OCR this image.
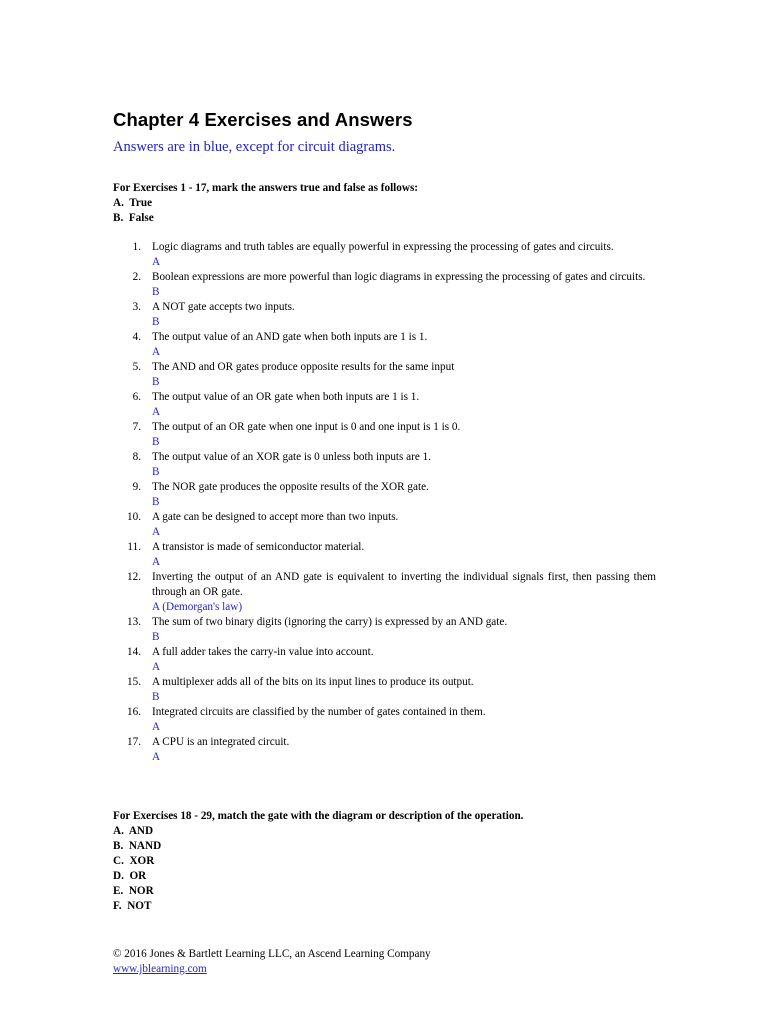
Chapter 4 Exercises and Answers
Answers are in blue, except for circuit diagrams.
For Exercises 1 - 17, mark the answers true and false as follows:
A.  True
B.  False
1. Logic diagrams and truth tables are equally powerful in expressing the processing of gates and circuits.
A
2. Boolean expressions are more powerful than logic diagrams in expressing the processing of gates and circuits.
B
3. A NOT gate accepts two inputs.
B
4. The output value of an AND gate when both inputs are 1 is 1.
A
5. The AND and OR gates produce opposite results for the same input
B
6. The output value of an OR gate when both inputs are 1 is 1.
A
7. The output of an OR gate when one input is 0 and one input is 1 is 0.
B
8. The output value of an XOR gate is 0 unless both inputs are 1.
B
9. The NOR gate produces the opposite results of the XOR gate.
B
10. A gate can be designed to accept more than two inputs.
A
11. A transistor is made of semiconductor material.
A
12. Inverting the output of an AND gate is equivalent to inverting the individual signals first, then passing them through an OR gate.
A (Demorgan's law)
13. The sum of two binary digits (ignoring the carry) is expressed by an AND gate.
B
14. A full adder takes the carry-in value into account.
A
15. A multiplexer adds all of the bits on its input lines to produce its output.
B
16. Integrated circuits are classified by the number of gates contained in them.
A
17. A CPU is an integrated circuit.
A
For Exercises 18 - 29, match the gate with the diagram or description of the operation.
A.  AND
B.  NAND
C.  XOR
D.  OR
E.  NOR
F.  NOT
© 2016 Jones & Bartlett Learning LLC, an Ascend Learning Company
www.jblearning.com
